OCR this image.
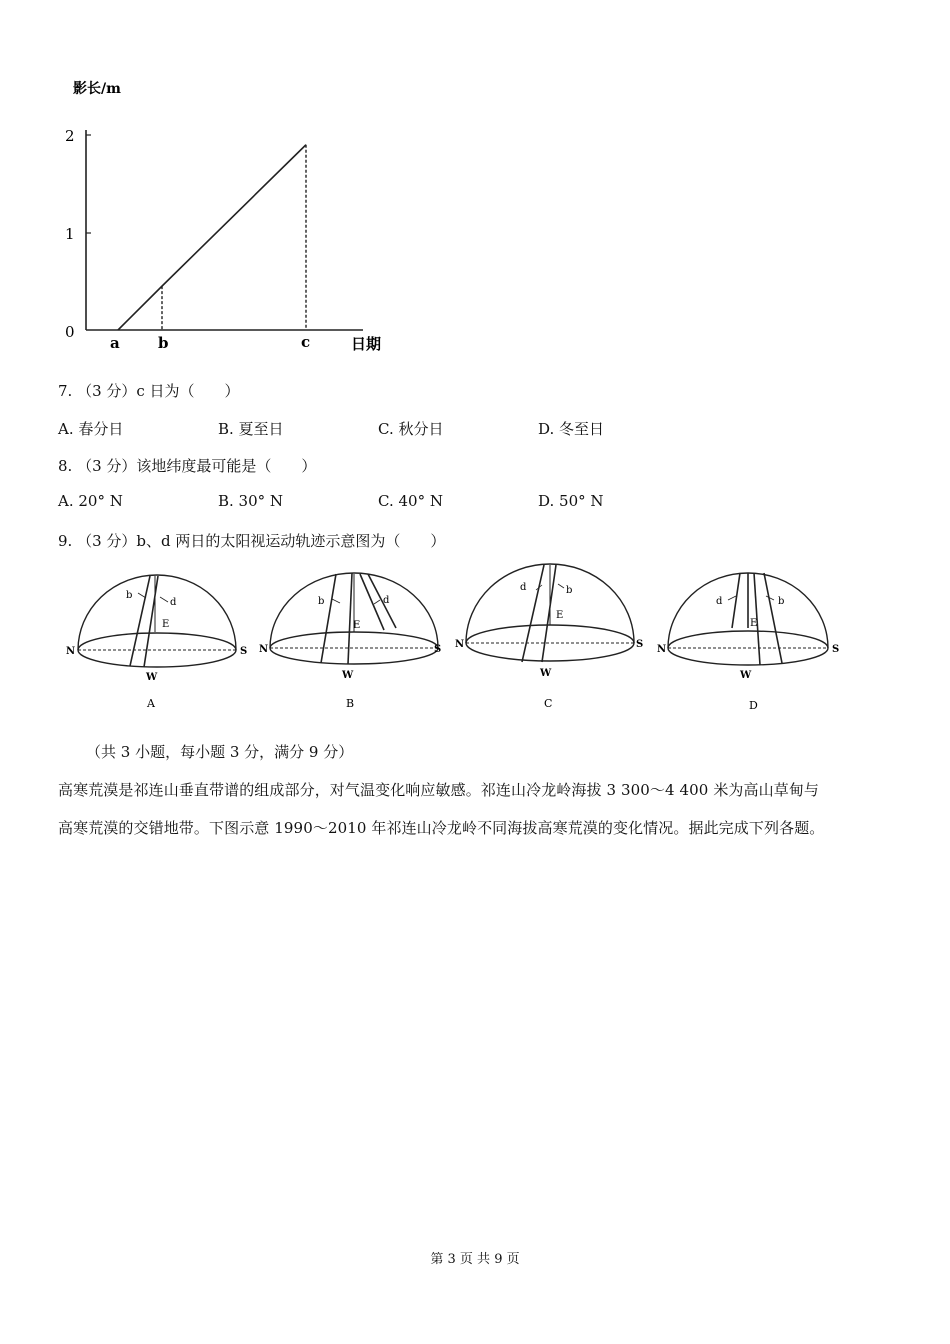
影长/m
2
1
0
a	b	c	日期
7. （3 分）c 日为（　　）
A. 春分日	B. 夏至日	C. 秋分日	D. 冬至日
8. （3 分）该地纬度最可能是（　　）
A. 20° N	B. 30° N	C. 40° N	D. 50° N
9. （3 分）b、d 两日的太阳视运动轨迹示意图为（　　）
b
d
E
N	S
W
A
b	d
E
N	S
W
B
d	b
E
N	S
W
C
d	b
E
N	S
W
D
（共 3 小题，每小题 3 分，满分 9 分）
高寒荒漠是祁连山垂直带谱的组成部分，对气温变化响应敏感。祁连山冷龙岭海拔 3 300～4 400 米为高山草甸与
高寒荒漠的交错地带。下图示意 1990～2010 年祁连山冷龙岭不同海拔高寒荒漠的变化情况。据此完成下列各题。
第 3 页 共 9 页
